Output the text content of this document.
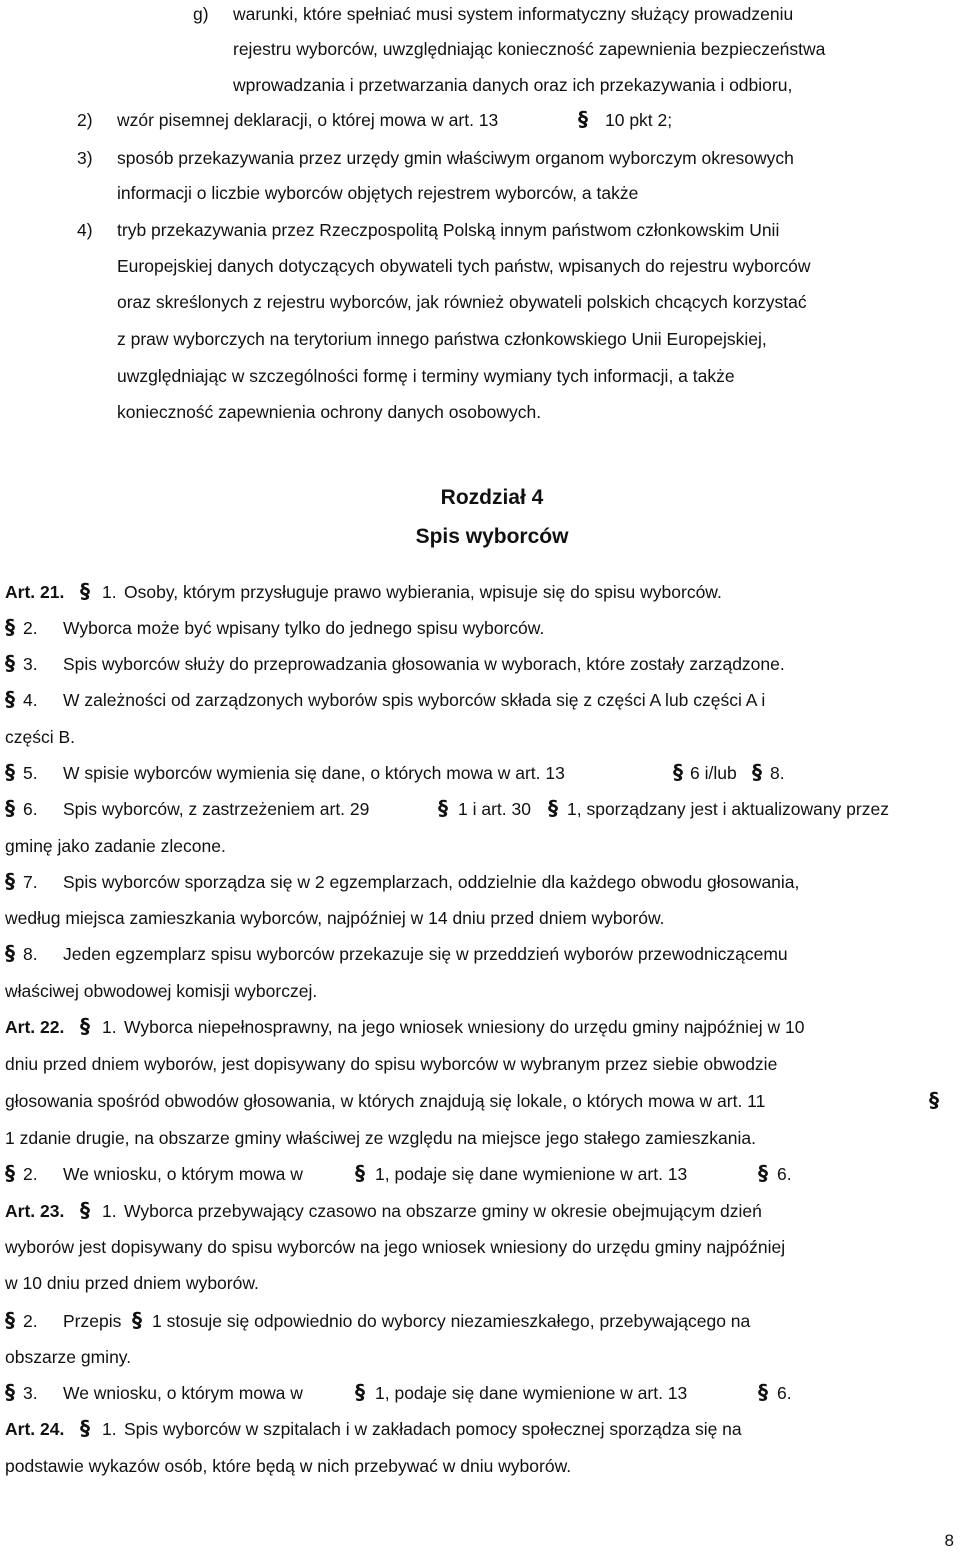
g) warunki, które spełniać musi system informatyczny służący prowadzeniu
rejestru wyborców, uwzględniając konieczność zapewnienia bezpieczeństwa
wprowadzania i przetwarzania danych oraz ich przekazywania i odbioru,
2) wzór pisemnej deklaracji, o której mowa w art. 13	§ 10 pkt 2;
3) sposób przekazywania przez urzędy gmin właściwym organom wyborczym okresowych
informacji o liczbie wyborców objętych rejestrem wyborców, a także
4) tryb przekazywania przez Rzeczpospolitą Polską innym państwom członkowskim Unii
Europejskiej danych dotyczących obywateli tych państw, wpisanych do rejestru wyborców
oraz skreślonych z rejestru wyborców, jak również obywateli polskich chcących korzystać
z praw wyborczych na terytorium innego państwa członkowskiego Unii Europejskiej,
uwzględniając w szczególności formę i terminy wymiany tych informacji, a także
konieczność zapewnienia ochrony danych osobowych.
Rozdział 4
Spis wyborców
Art. 21. § 1. Osoby, którym przysługuje prawo wybierania, wpisuje się do spisu wyborców.
§ 2. Wyborca może być wpisany tylko do jednego spisu wyborców.
§ 3. Spis wyborców służy do przeprowadzania głosowania w wyborach, które zostały zarządzone.
§ 4. W zależności od zarządzonych wyborów spis wyborców składa się z części A lub części A i
części B.
§ 5. W spisie wyborców wymienia się dane, o których mowa w art. 13	§ 6 i/lub § 8.
§ 6. Spis wyborców, z zastrzeżeniem art. 29	§ 1 i art. 30 § 1, sporządzany jest i aktualizowany przez
gminę jako zadanie zlecone.
§ 7. Spis wyborców sporządza się w 2 egzemplarzach, oddzielnie dla każdego obwodu głosowania,
według miejsca zamieszkania wyborców, najpóźniej w 14 dniu przed dniem wyborów.
§ 8. Jeden egzemplarz spisu wyborców przekazuje się w przeddzień wyborów przewodniczącemu
właściwej obwodowej komisji wyborczej.
Art. 22. § 1. Wyborca niepełnosprawny, na jego wniosek wniesiony do urzędu gminy najpóźniej w 10
dniu przed dniem wyborów, jest dopisywany do spisu wyborców w wybranym przez siebie obwodzie
głosowania spośród obwodów głosowania, w których znajdują się lokale, o których mowa w art. 11	§
1 zdanie drugie, na obszarze gminy właściwej ze względu na miejsce jego stałego zamieszkania.
§ 2. We wniosku, o którym mowa w	§ 1, podaje się dane wymienione w art. 13	§ 6.
Art. 23. § 1. Wyborca przebywający czasowo na obszarze gminy w okresie obejmującym dzień
wyborów jest dopisywany do spisu wyborców na jego wniosek wniesiony do urzędu gminy najpóźniej
w 10 dniu przed dniem wyborów.
§ 2. Przepis § 1 stosuje się odpowiednio do wyborcy niezamieszkałego, przebywającego na
obszarze gminy.
§ 3. We wniosku, o którym mowa w	§ 1, podaje się dane wymienione w art. 13	§ 6.
Art. 24. § 1. Spis wyborców w szpitalach i w zakładach pomocy społecznej sporządza się na
podstawie wykazów osób, które będą w nich przebywać w dniu wyborów.
8
